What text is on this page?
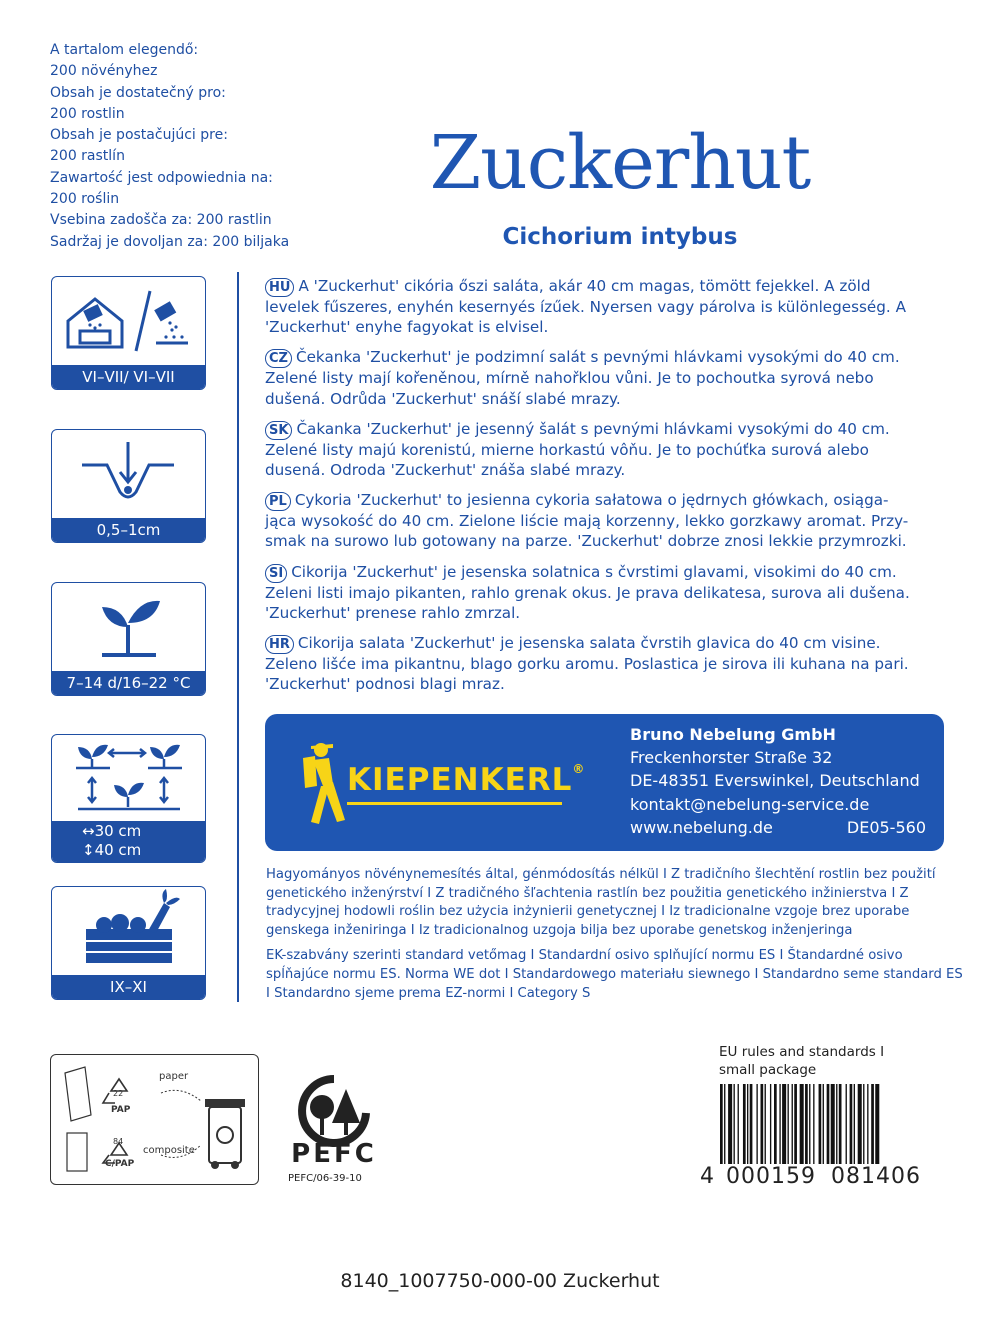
A tartalom elegendő:
200 növényhez
Obsah je dostatečný pro:
200 rostlin
Obsah je postačujúci pre:
200 rastlín
Zawartość jest odpowiednia na:
200 roślin
Vsebina zadošča za: 200 rastlin
Sadržaj je dovoljan za: 200 biljaka
Zuckerhut
Cichorium intybus
VI–VII/ VI–VII
0,5–1cm
7–14 d/16–22 °C
↔30 cm
↕40 cm
IX–XI
HU A 'Zuckerhut' cikória őszi saláta, akár 40 cm magas, tömött fejekkel. A zöld
levelek fűszeres, enyhén kesernyés ízűek. Nyersen vagy párolva is különlegesség. A
'Zuckerhut' enyhe fagyokat is elvisel.
CZ Čekanka 'Zuckerhut' je podzimní salát s pevnými hlávkami vysokými do 40 cm.
Zelené listy mají kořeněnou, mírně nahořklou vůni. Je to pochoutka syrová nebo
dušená. Odrůda 'Zuckerhut' snáší slabé mrazy.
SK Čakanka 'Zuckerhut' je jesenný šalát s pevnými hlávkami vysokými do 40 cm.
Zelené listy majú korenistú, mierne horkastú vôňu. Je to pochúťka surová alebo
dusená. Odroda 'Zuckerhut' znáša slabé mrazy.
PL Cykoria 'Zuckerhut' to jesienna cykoria sałatowa o jędrnych główkach, osiąga-
jąca wysokość do 40 cm. Zielone liście mają korzenny, lekko gorzkawy aromat. Przy-
smak na surowo lub gotowany na parze. 'Zuckerhut' dobrze znosi lekkie przymrozki.
SI Cikorija 'Zuckerhut' je jesenska solatnica s čvrstimi glavami, visokimi do 40 cm.
Zeleni listi imajo pikanten, rahlo grenak okus. Je prava delikatesa, surova ali dušena.
'Zuckerhut' prenese rahlo zmrzal.
HR Cikorija salata 'Zuckerhut' je jesenska salata čvrstih glavica do 40 cm visine.
Zeleno lišće ima pikantnu, blago gorku aromu. Poslastica je sirova ili kuhana na pari.
'Zuckerhut' podnosi blagi mraz.
KIEPENKERL®
Bruno Nebelung GmbH
Freckenhorster Straße 32
DE-48351 Everswinkel, Deutschland
kontakt@nebelung-service.de
www.nebelung.de	DE05-560

Hagyományos növénynemesítés által, génmódosítás nélkül I Z tradičního šlechtění rostlin bez použití genetického inženýrství I Z tradičného šľachtenia rastlín bez použitia genetického inžinierstva I Z tradycyjnej hodowli roślin bez użycia inżynierii genetycznej I Iz tradicionalne vzgoje brez uporabe genskega inženiringa I Iz tradicionalnog uzgoja bilja bez uporabe genetskog inženjeringa

EK-szabvány szerinti standard vetőmag I Standardní osivo splňující normu ES I Štandardné osivo spĺňajúce normu ES. Norma WE dot I Standardowego materiału siewnego I Standardno seme standard ES I Standardno sjeme prema EZ-normi I Category S

paper
22
PAP
composite
84
C/PAP	PEFC
PEFC/06-39-10
EU rules and standards I
small package
4 000159 081406
8140_1007750-000-00 Zuckerhut
